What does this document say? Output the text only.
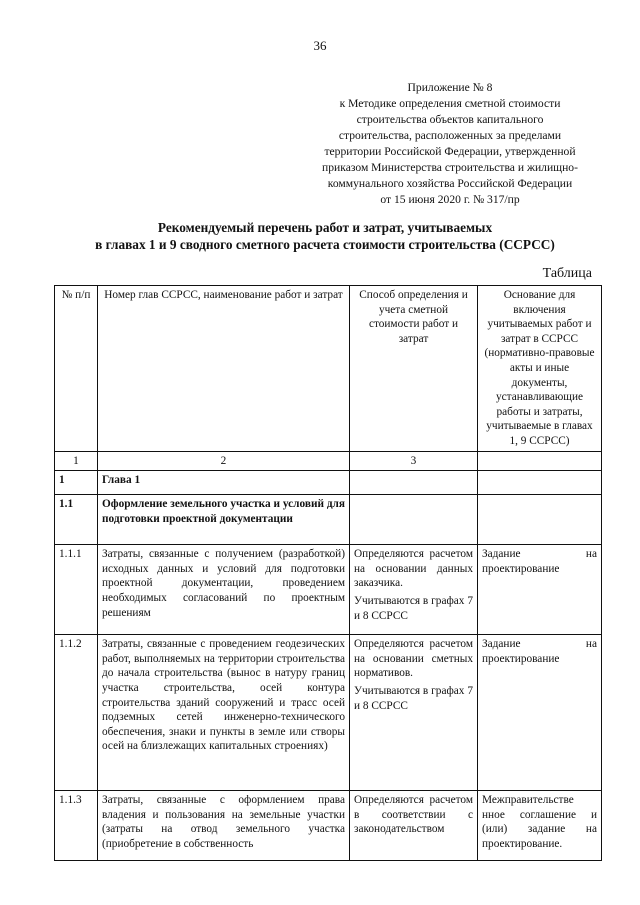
36
Приложение № 8
к Методике определения сметной стоимости
строительства объектов капитального
строительства, расположенных за пределами
территории Российской Федерации, утвержденной
приказом Министерства строительства и жилищно-
коммунального хозяйства Российской Федерации
от 15 июня 2020 г. № 317/пр
Рекомендуемый перечень работ и затрат, учитываемых
в главах 1 и 9 сводного сметного расчета стоимости строительства (ССРСС)
Таблица
№ п/п	Номер глав ССРСС, наименование работ и затрат	Способ определения и учета сметной стоимости работ и затрат	Основание для включения учитываемых работ и затрат в ССРСС (нормативно-правовые акты и иные документы, устанавливающие работы и затраты, учитываемые в главах 1, 9 ССРСС)
1	2	3	
1	Глава 1		
1.1	Оформление земельного участка и условий для подготовки проектной документации		
1.1.1	Затраты, связанные с получением (разработкой) исходных данных и условий для подготовки проектной документации, проведением необходимых согласований по проектным решениям	Определяются расчетом на основании данных заказчика.
Учитываются в графах 7 и 8 ССРСС	Задание на проектирование
1.1.2	Затраты, связанные с проведением геодезических работ, выполняемых на территории строительства до начала строительства (вынос в натуру границ участка строительства, осей контура строительства зданий сооружений и трасс осей подземных сетей инженерно-технического обеспечения, знаки и пункты в земле или створы осей на близлежащих капитальных строениях)	Определяются расчетом на основании сметных нормативов.
Учитываются в графах 7 и 8 ССРСС	Задание на проектирование
1.1.3	Затраты, связанные с оформлением права владения и пользования на земельные участки (затраты на отвод земельного участка (приобретение в собственность	Определяются расчетом в соответствии с законодательством	Межправительстве нное соглашение и (или) задание на проектирование.
